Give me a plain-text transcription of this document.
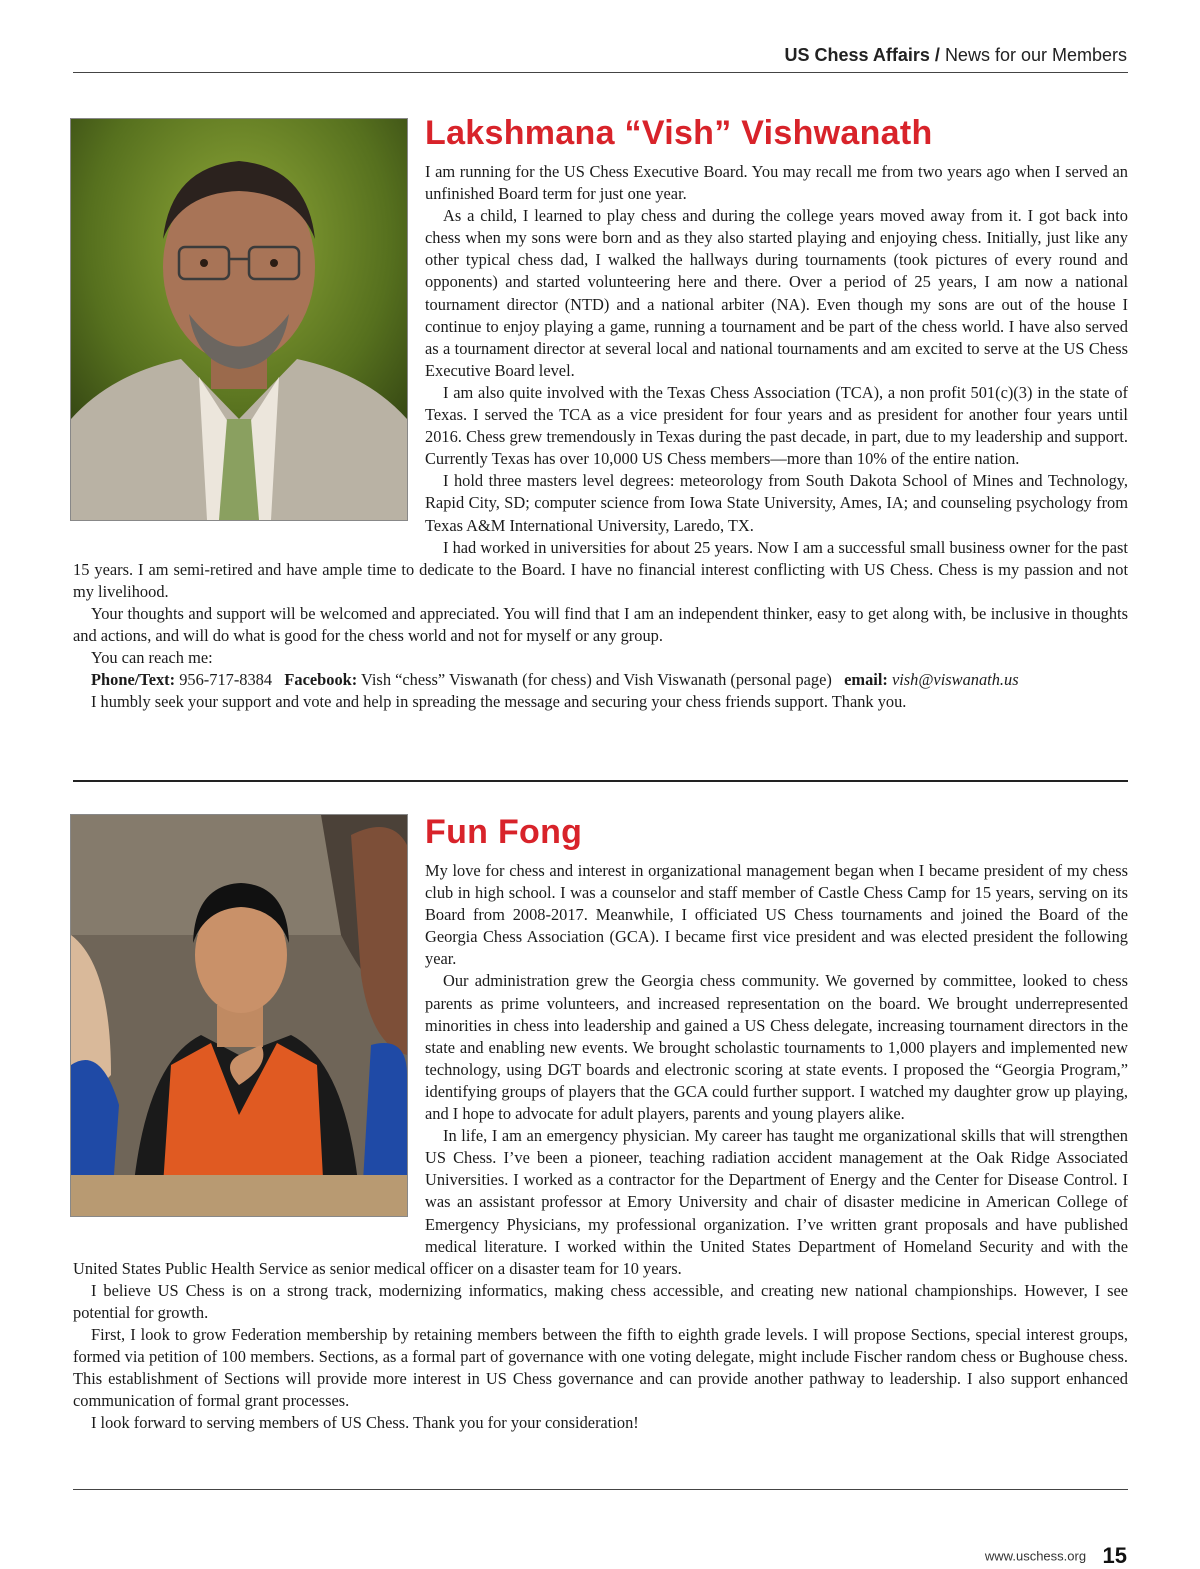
US Chess Affairs / News for our Members
Lakshmana “Vish” Vishwanath

I am running for the US Chess Executive Board. You may recall me from two years ago when I served an unfinished Board term for just one year.

As a child, I learned to play chess and during the college years moved away from it. I got back into chess when my sons were born and as they also started playing and enjoying chess. Initially, just like any other typical chess dad, I walked the hallways during tournaments (took pictures of every round and opponents) and started volunteering here and there. Over a period of 25 years, I am now a national tournament director (NTD) and a national arbiter (NA). Even though my sons are out of the house I continue to enjoy playing a game, running a tournament and be part of the chess world. I have also served as a tournament director at several local and national tournaments and am excited to serve at the US Chess Executive Board level.

I am also quite involved with the Texas Chess Association (TCA), a non profit 501(c)(3) in the state of Texas. I served the TCA as a vice president for four years and as president for another four years until 2016. Chess grew tremendously in Texas during the past decade, in part, due to my leadership and support. Currently Texas has over 10,000 US Chess members—more than 10% of the entire nation.

I hold three masters level degrees: meteorology from South Dakota School of Mines and Technology, Rapid City, SD; computer science from Iowa State University, Ames, IA; and counseling psychology from Texas A&M International University, Laredo, TX.

I had worked in universities for about 25 years. Now I am a successful small business owner for the past 15 years. I am semi-retired and have ample time to dedicate to the Board. I have no financial interest conflicting with US Chess. Chess is my passion and not my livelihood.

Your thoughts and support will be welcomed and appreciated. You will find that I am an independent thinker, easy to get along with, be inclusive in thoughts and actions, and will do what is good for the chess world and not for myself or any group.

You can reach me:

Phone/Text: 956-717-8384 Facebook: Vish “chess” Viswanath (for chess) and Vish Viswanath (personal page) email: vish@viswanath.us

I humbly seek your support and vote and help in spreading the message and securing your chess friends support. Thank you.

Fun Fong

My love for chess and interest in organizational management began when I became president of my chess club in high school. I was a counselor and staff member of Castle Chess Camp for 15 years, serving on its Board from 2008-2017. Meanwhile, I officiated US Chess tournaments and joined the Board of the Georgia Chess Association (GCA). I became first vice president and was elected president the following year.

Our administration grew the Georgia chess community. We governed by committee, looked to chess parents as prime volunteers, and increased representation on the board. We brought underrepresented minorities in chess into leadership and gained a US Chess delegate, increasing tournament directors in the state and enabling new events. We brought scholastic tournaments to 1,000 players and implemented new technology, using DGT boards and electronic scoring at state events. I proposed the “Georgia Program,” identifying groups of players that the GCA could further support. I watched my daughter grow up playing, and I hope to advocate for adult players, parents and young players alike.

In life, I am an emergency physician. My career has taught me organizational skills that will strengthen US Chess. I’ve been a pioneer, teaching radiation accident management at the Oak Ridge Associated Universities. I worked as a contractor for the Department of Energy and the Center for Disease Control. I was an assistant professor at Emory University and chair of disaster medicine in American College of Emergency Physicians, my professional organization. I’ve written grant proposals and have published medical literature. I worked within the United States Department of Homeland Security and with the United States Public Health Service as senior medical officer on a disaster team for 10 years.

I believe US Chess is on a strong track, modernizing informatics, making chess accessible, and creating new national championships. However, I see potential for growth.

First, I look to grow Federation membership by retaining members between the fifth to eighth grade levels. I will propose Sections, special interest groups, formed via petition of 100 members. Sections, as a formal part of governance with one voting delegate, might include Fischer random chess or Bughouse chess. This establishment of Sections will provide more interest in US Chess governance and can provide another pathway to leadership. I also support enhanced communication of formal grant processes.

I look forward to serving members of US Chess. Thank you for your consideration!

www.uschess.org 15
